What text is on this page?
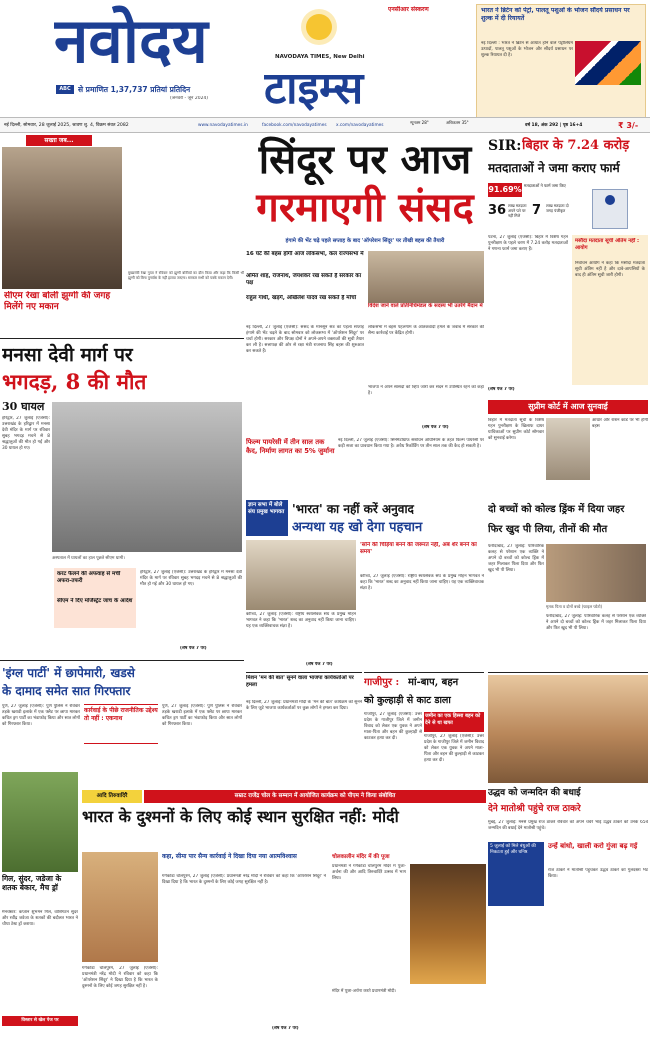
नवोदय	एनसीआर संस्करण
NAVODAYA TIMES, New Delhi
टाइम्स
ABC से प्रमाणित 1,37,737 प्रतियां प्रतिदिन
(जनवरी - जून 2024)
भारत ने ब्रिटेन को पेट्रो, पालतू पशुओं के भोजन सौंदर्य प्रसाधन पर शुल्क में दी रियायतें
नई दिल्ली : भारत ने ब्रिटेन से आयात होने वाले पेट्रोलियम उत्पादों, पालतू पशुओं के भोजन और सौंदर्य प्रसाधन पर शुल्क रियायत दी है।
नई दिल्ली, सोमवार, 28 जुलाई 2025, श्रावण शु. 4, विक्रम संवत 2082	www.navodayatimes.in	facebook.com/navodayatimes	x.com/navodayatimes
न्यूनतम 28°	अधिकतम 35°
वर्ष 18, अंक 292 | पृष्ठ 16+4	₹ 3/-
सख्ता जब...
सीएम रेखा बोलीं झुग्गी की जगह मिलेंगे नए मकान
मुख्यमंत्री रेखा गुप्ता ने रविवार को झुग्गी बस्तियों का दौरा किया और कहा कि किसी भी झुग्गी को बिना पुनर्वास के नहीं हटाया जाएगा। सरकार सभी को पक्के मकान देगी।
सिंदूर पर आज
गरमाएगी संसद
हंगामे की भेंट चढ़े पहले सप्ताह के बाद 'ऑपरेशन सिंदूर' पर तीखी बहस की तैयारी
16 घंटे की बहस होगी आज लोकसभा, कल राज्यसभा में
अमित शाह, राजनाथ, जयशंकर रख सकते हैं सरकार का पक्ष
राहुल गांधी, खड़गे, अखिलेश यादव रख सकते हैं मोर्चा
विदेश जाने वाले प्रतिनिधिमंडल के सदस्य भी उतरेंगे मैदान में
नई दिल्ली, 27 जुलाई (एजेंसी): संसद के मानसून सत्र का पहला सप्ताह हंगामे की भेंट चढ़ने के बाद सोमवार को लोकसभा में 'ऑपरेशन सिंदूर' पर चर्चा होगी। सरकार और विपक्ष दोनों ने अपने-अपने वक्ताओं की सूची तैयार कर ली है। सत्तापक्ष की ओर से रक्षा मंत्री राजनाथ सिंह बहस की शुरुआत कर सकते हैं।
लोकसभा में बहस पहलगाम के आतंकवादी हमले के जवाब में सरकार की सैन्य कार्रवाई पर केंद्रित होगी।
भाजपा ने अपने सांसदों को व्हिप जारी कर सदन में उपस्थित रहने को कहा है।
(शेष पेज 7 पर)
SIR: बिहार के 7.24 करोड़
मतदाताओं ने जमा कराए फार्म
91.69% मतदाताओं ने फार्म जमा किए
36 लाख मतदाता अपने पते पर नहीं मिले 7	लाख मतदाता दो जगह पंजीकृत
पटना, 27 जुलाई (एजेंसी): बिहार में विशेष गहन पुनरीक्षण के पहले चरण में 7.24 करोड़ मतदाताओं ने गणना फार्म जमा कराए हैं।
मसौदा मतदाता सूची अंतिम नहीं : आयोग
निर्वाचन आयोग ने कहा कि मसौदा मतदाता सूची अंतिम नहीं है और दावे-आपत्तियों के बाद ही अंतिम सूची जारी होगी।
(शेष पेज 7 पर)
सुप्रीम कोर्ट में आज सुनवाई
बिहार में मतदाता सूची के विशेष गहन पुनरीक्षण के खिलाफ दायर याचिकाओं पर सुप्रीम कोर्ट सोमवार को सुनवाई करेगा।
आधार और राशन कार्ड पर भी होगी बहस
मनसा देवी मार्ग पर
भगदड़, 8 की मौत
30 घायल
हरिद्वार, 27 जुलाई (एजेंसी): उत्तराखंड के हरिद्वार में मनसा देवी मंदिर के मार्ग पर रविवार सुबह भगदड़ मचने से 8 श्रद्धालुओं की मौत हो गई और 30 घायल हो गए।
अस्पताल में घायलों का हाल पूछते सीएम धामी।
करंट फैलने की अफवाह से मची अफरा-तफरी
सीएम ने दिए मजिस्ट्रेट जांच के आदेश
हरिद्वार, 27 जुलाई (एजेंसी): उत्तराखंड के हरिद्वार में मनसा देवी मंदिर के मार्ग पर रविवार सुबह भगदड़ मचने से 8 श्रद्धालुओं की मौत हो गई और 30 घायल हो गए।
(शेष पेज 7 पर)
फिल्म पायरेसी में तीन साल तक कैद, निर्माण लागत का 5% जुर्माना
नई दिल्ली, 27 जुलाई (एजेंसी): सिनेमैटोग्राफ संशोधन अधिनियम के तहत फिल्म पायरेसी पर कड़ी सजा का प्रावधान किया गया है। अवैध रिकॉर्डिंग पर तीन साल तक की कैद हो सकती है।
ज्ञान सभा में बोले संघ प्रमुख भागवत 'भारत' का नहीं करें अनुवाद
अन्यथा यह खो देगा पहचान
'सोने की चिड़िया बनने की जरूरत नहीं, अब शेर बनने का समय'
कोच्चि, 27 जुलाई (एजेंसी): राष्ट्रीय स्वयंसेवक संघ के प्रमुख मोहन भागवत ने कहा कि 'भारत' शब्द का अनुवाद नहीं किया जाना चाहिए। यह एक व्यक्तिवाचक संज्ञा है।
कोच्चि, 27 जुलाई (एजेंसी): राष्ट्रीय स्वयंसेवक संघ के प्रमुख मोहन भागवत ने कहा कि 'भारत' शब्द का अनुवाद नहीं किया जाना चाहिए। यह एक व्यक्तिवाचक संज्ञा है।
(शेष पेज 7 पर)
दो बच्चों को कोल्ड ड्रिंक में दिया जहर
फिर खुद पी लिया, तीनों की मौत
फरीदाबाद, 27 जुलाई: पारिवारिक कलह से परेशान एक व्यक्ति ने अपने दो बच्चों को कोल्ड ड्रिंक में जहर मिलाकर पिला दिया और फिर खुद भी पी लिया।
मृतक पिता व दोनों बच्चे (फाइल फोटो)
फरीदाबाद, 27 जुलाई: पारिवारिक कलह से परेशान एक व्यक्ति ने अपने दो बच्चों को कोल्ड ड्रिंक में जहर मिलाकर पिला दिया और फिर खुद भी पी लिया।
'इंग्ल पार्टी' में छापेमारी, खडसे
के दामाद समेत सात गिरफ्तार
पुणे, 27 जुलाई (एजेंसी): पुणे पुलिस ने रविवार तड़के खराडी इलाके में एक फ्लैट पर छापा मारकर कथित ड्रग पार्टी का भंडाफोड़ किया और सात लोगों को गिरफ्तार किया।
कार्रवाई के पीछे राजनीतिक उद्देश्य तो नहीं : एकनाथ
पुणे, 27 जुलाई (एजेंसी): पुणे पुलिस ने रविवार तड़के खराडी इलाके में एक फ्लैट पर छापा मारकर कथित ड्रग पार्टी का भंडाफोड़ किया और सात लोगों को गिरफ्तार किया।
मिशन 'मन की बात' सुनने वाला भाजपा कार्यकर्ताओं पर हमला
नई दिल्ली, 27 जुलाई: प्रधानमंत्री मोदी के 'मन की बात' कार्यक्रम को सुनने के लिए जुटे भाजपा कार्यकर्ताओं पर कुछ लोगों ने हमला कर दिया।
गाजीपुर : मां-बाप, बहन
को कुल्हाड़ी से काट डाला
गाजीपुर, 27 जुलाई (एजेंसी): उत्तर प्रदेश के गाजीपुर जिले में जमीन विवाद को लेकर एक युवक ने अपने माता-पिता और बहन की कुल्हाड़ी से काटकर हत्या कर दी।
जमीन का एक हिस्सा बहन को देने से था खफा
गाजीपुर, 27 जुलाई (एजेंसी): उत्तर प्रदेश के गाजीपुर जिले में जमीन विवाद को लेकर एक युवक ने अपने माता-पिता और बहन की कुल्हाड़ी से काटकर हत्या कर दी।
उद्धव को जन्मदिन की बधाई
देने मातोश्री पहुंचे राज ठाकरे
मुंबई, 27 जुलाई: मनसे प्रमुख राज ठाकरे रविवार को अपने चचेरे भाई उद्धव ठाकरे को उनके 65वें जन्मदिन की बधाई देने मातोश्री पहुंचे।
5 जुलाई को मिले बंधुओं की निकटता हुई और घनिष्ठ
उन्हें बांधो, खाली करो गुंजा बढ़ गई
राज ठाकरे ने मातोश्री पहुंचकर उद्धव ठाकरे को गुलदस्ता भेंट किया।
गिल, सुंदर, जडेजा के शतक बेकार, मैच ड्रॉ
मैनचेस्टर: कप्तान शुभमन गिल, वाशिंगटन सुंदर और रवींद्र जडेजा के शतकों की बदौलत भारत ने चौथा टेस्ट ड्रॉ कराया।
विस्तार से खेल पेज पर
आदि तिरुवादिरै	सम्राट राजेंद्र चोल के सम्मान में आयोजित कार्यक्रम को पीएम ने किया संबोधित
भारत के दुश्मनों के लिए कोई स्थान सुरक्षित नहीं: मोदी
गंगैकोंडा चोलपुरम, 27 जुलाई (एजेंसी): प्रधानमंत्री नरेंद्र मोदी ने रविवार को कहा कि 'ऑपरेशन सिंदूर' ने दिखा दिया है कि भारत के दुश्मनों के लिए कोई जगह सुरक्षित नहीं है।
कहा, सीमा पार सैन्य कार्रवाई ने दिखा दिया नया आत्मविश्वास
गंगैकोंडा चोलपुरम, 27 जुलाई (एजेंसी): प्रधानमंत्री नरेंद्र मोदी ने रविवार को कहा कि 'ऑपरेशन सिंदूर' ने दिखा दिया है कि भारत के दुश्मनों के लिए कोई जगह सुरक्षित नहीं है।
(शेष पेज 7 पर)
चोलकालीन मंदिर में की पूजा
प्रधानमंत्री ने गंगैकोंडा चोलपुरम मंदिर में पूजा-अर्चना की और आदि तिरुवादिरै उत्सव में भाग लिया।
मंदिर में पूजा-अर्चना करते प्रधानमंत्री मोदी।
